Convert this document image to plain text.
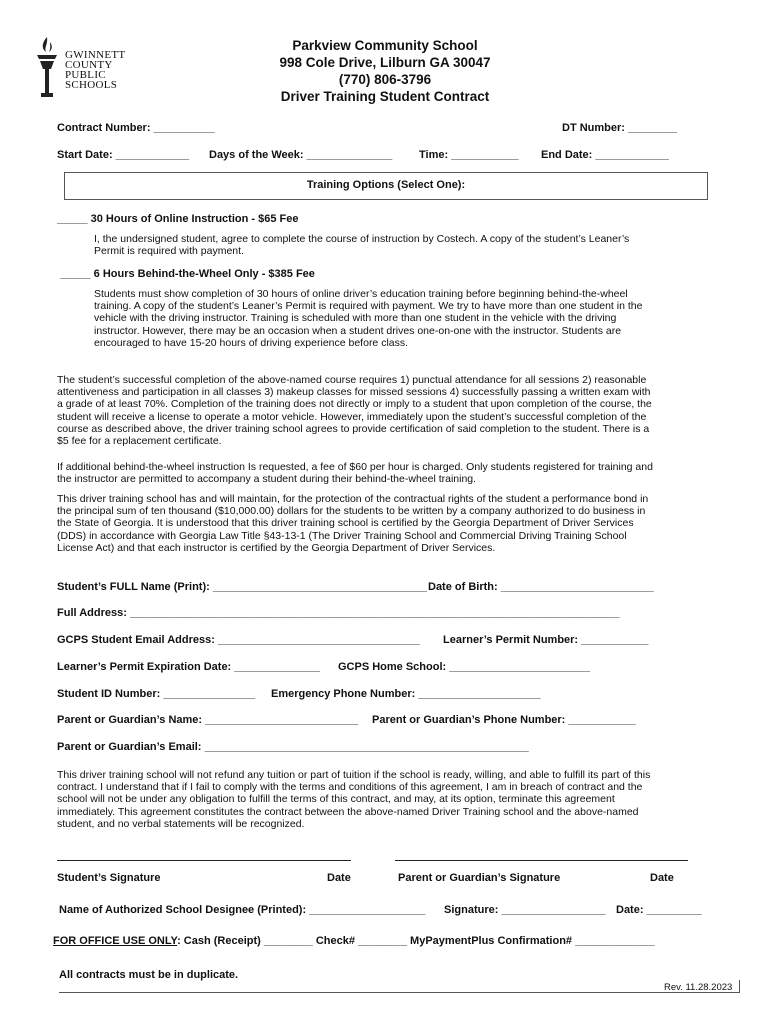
GWINNETT
COUNTY
PUBLIC
SCHOOLS
Parkview Community School
998 Cole Drive, Lilburn GA 30047
(770) 806-3796
Driver Training Student Contract
Contract Number: __________	DT Number: ________
Start Date: ____________ Days of the Week: ______________ Time: ___________ End Date: ____________
Training Options (Select One):
_____ 30 Hours of Online Instruction - $65 Fee
I, the undersigned student, agree to complete the course of instruction by Costech. A copy of the student’s Leaner’s
Permit is required with payment.
_____ 6 Hours Behind-the-Wheel Only - $385 Fee
Students must show completion of 30 hours of online driver’s education training before beginning behind-the-wheel
training. A copy of the student’s Leaner’s Permit is required with payment. We try to have more than one student in the
vehicle with the driving instructor. Training is scheduled with more than one student in the vehicle with the driving
instructor. However, there may be an occasion when a student drives one-on-one with the instructor. Students are
encouraged to have 15-20 hours of driving experience before class.
The student’s successful completion of the above-named course requires 1) punctual attendance for all sessions 2) reasonable
attentiveness and participation in all classes 3) makeup classes for missed sessions 4) successfully passing a written exam with
a grade of at least 70%. Completion of the training does not directly or imply to a student that upon completion of the course, the
student will receive a license to operate a motor vehicle. However, immediately upon the student’s successful completion of the
course as described above, the driver training school agrees to provide certification of said completion to the student. There is a
$5 fee for a replacement certificate.
If additional behind-the-wheel instruction Is requested, a fee of $60 per hour is charged. Only students registered for training and
the instructor are permitted to accompany a student during their behind-the-wheel training.
This driver training school has and will maintain, for the protection of the contractual rights of the student a performance bond in
the principal sum of ten thousand ($10,000.00) dollars for the students to be written by a company authorized to do business in
the State of Georgia. It is understood that this driver training school is certified by the Georgia Department of Driver Services
(DDS) in accordance with Georgia Law Title §43-13-1 (The Driver Training School and Commercial Driving Training School
License Act) and that each instructor is certified by the Georgia Department of Driver Services.
Student’s FULL Name (Print): ___________________________________ Date of Birth: _________________________
Full Address: ________________________________________________________________________________
GCPS Student Email Address: _________________________________ Learner’s Permit Number: ___________
Learner’s Permit Expiration Date: ______________ GCPS Home School: _______________________
Student ID Number: _______________ Emergency Phone Number: ____________________
Parent or Guardian’s Name: _________________________ Parent or Guardian’s Phone Number: ___________
Parent or Guardian’s Email: _____________________________________________________
This driver training school will not refund any tuition or part of tuition if the school is ready, willing, and able to fulfill its part of this
contract. I understand that if I fail to comply with the terms and conditions of this agreement, I am in breach of contract and the
school will not be under any obligation to fulfill the terms of this contract, and may, at its option, terminate this agreement
immediately. This agreement constitutes the contract between the above-named Driver Training school and the above-named
student, and no verbal statements will be recognized.
Student’s Signature	Date	Parent or Guardian’s Signature	Date
Name of Authorized School Designee (Printed): ___________________ Signature: _________________ Date: _________
FOR OFFICE USE ONLY: Cash (Receipt) ________ Check# ________ MyPaymentPlus Confirmation# _____________
All contracts must be in duplicate.
Rev. 11.28.2023
